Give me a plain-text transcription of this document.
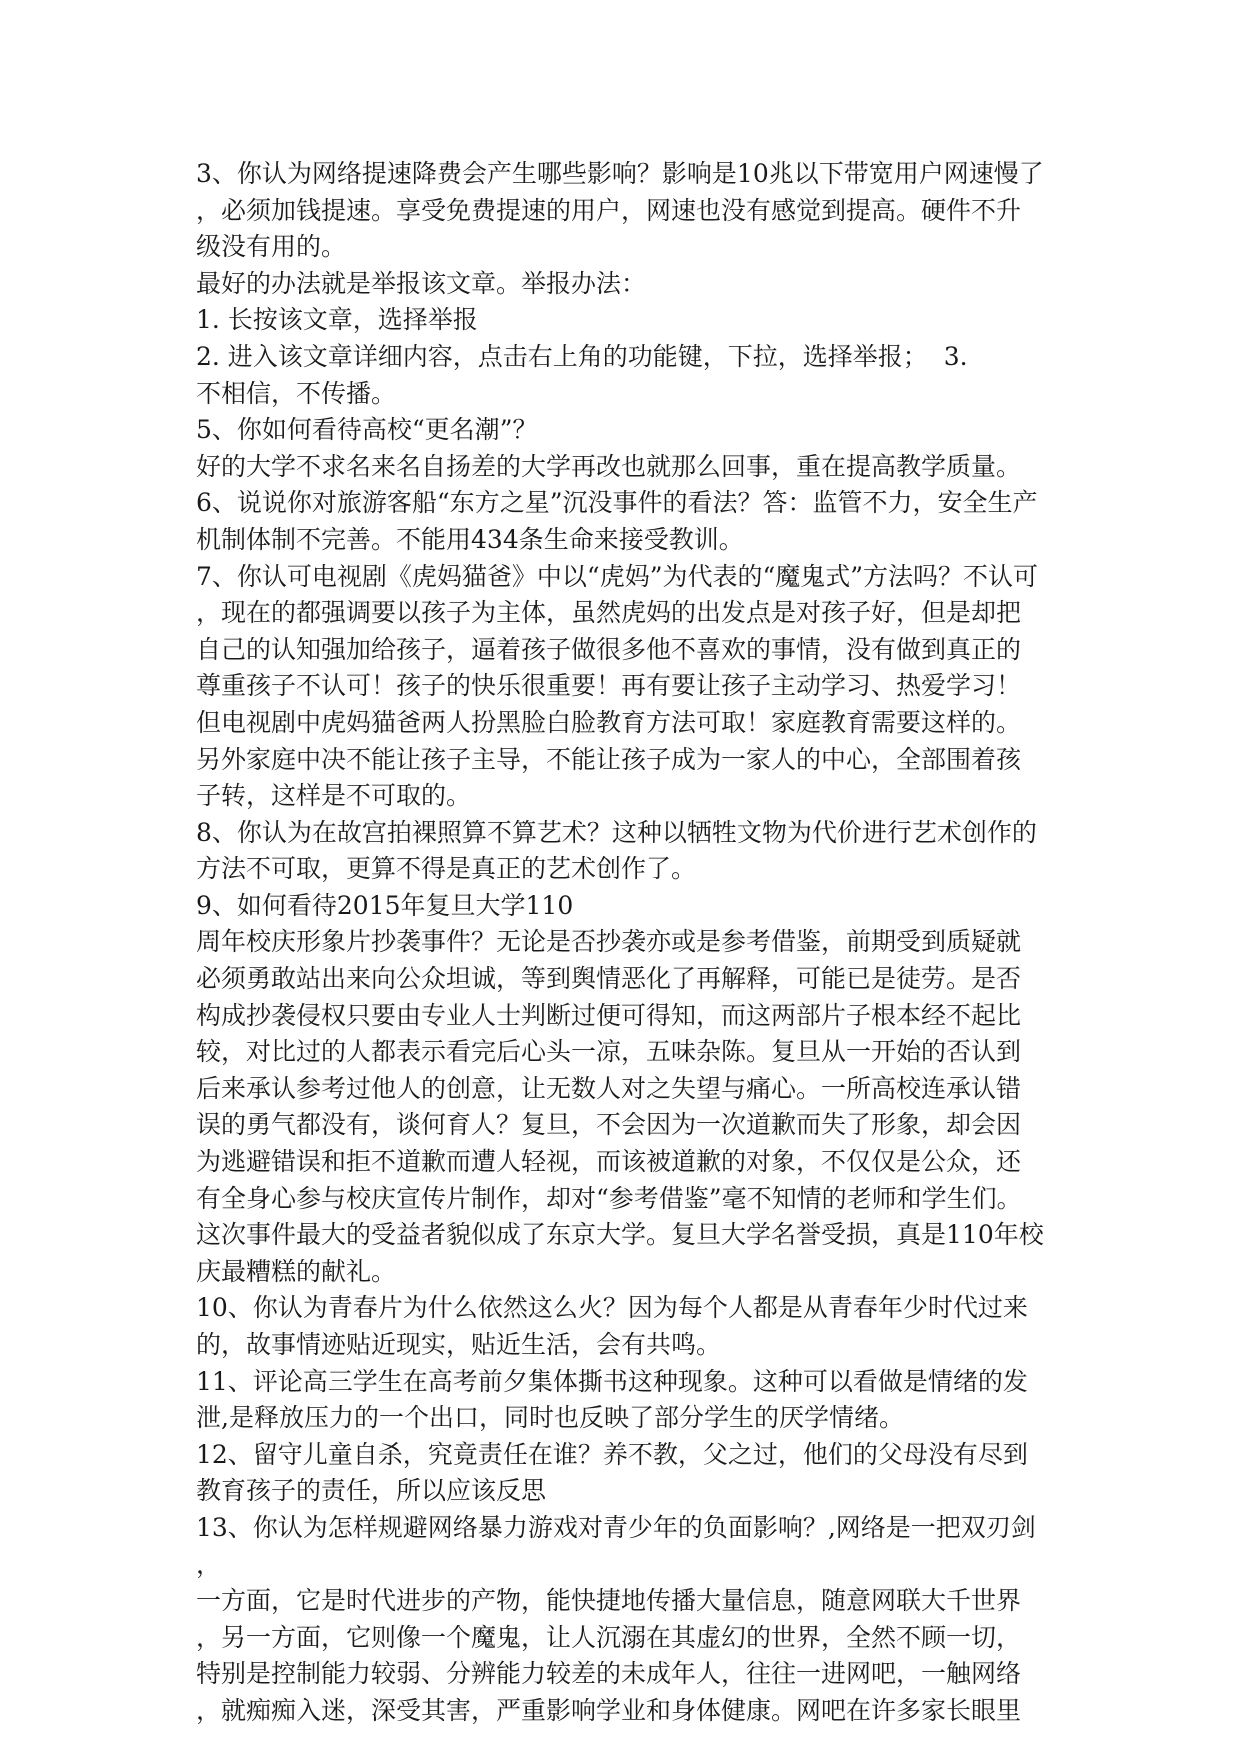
3、你认为网络提速降费会产生哪些影响？影响是10兆以下带宽用户网速慢了
，必须加钱提速。享受免费提速的用户，网速也没有感觉到提高。硬件不升
级没有用的。
最好的办法就是举报该文章。举报办法：
1. 长按该文章，选择举报
2. 进入该文章详细内容，点击右上角的功能键，下拉，选择举报；  3.
不相信，不传播。
5、你如何看待高校“更名潮”？
好的大学不求名来名自扬差的大学再改也就那么回事，重在提高教学质量。
6、说说你对旅游客船“东方之星”沉没事件的看法？答：监管不力，安全生产
机制体制不完善。不能用434条生命来接受教训。
7、你认可电视剧《虎妈猫爸》中以“虎妈”为代表的“魔鬼式”方法吗？不认可
，现在的都强调要以孩子为主体，虽然虎妈的出发点是对孩子好，但是却把
自己的认知强加给孩子，逼着孩子做很多他不喜欢的事情，没有做到真正的
尊重孩子不认可！孩子的快乐很重要！再有要让孩子主动学习、热爱学习！
但电视剧中虎妈猫爸两人扮黑脸白脸教育方法可取！家庭教育需要这样的。
另外家庭中决不能让孩子主导，不能让孩子成为一家人的中心，全部围着孩
子转，这样是不可取的。
8、你认为在故宫拍裸照算不算艺术？这种以牺牲文物为代价进行艺术创作的
方法不可取，更算不得是真正的艺术创作了。
9、如何看待2015年复旦大学110
周年校庆形象片抄袭事件？无论是否抄袭亦或是参考借鉴，前期受到质疑就
必须勇敢站出来向公众坦诚，等到舆情恶化了再解释，可能已是徒劳。是否
构成抄袭侵权只要由专业人士判断过便可得知，而这两部片子根本经不起比
较，对比过的人都表示看完后心头一凉，五味杂陈。复旦从一开始的否认到
后来承认参考过他人的创意，让无数人对之失望与痛心。一所高校连承认错
误的勇气都没有，谈何育人？复旦，不会因为一次道歉而失了形象，却会因
为逃避错误和拒不道歉而遭人轻视，而该被道歉的对象，不仅仅是公众，还
有全身心参与校庆宣传片制作，却对“参考借鉴”毫不知情的老师和学生们。
这次事件最大的受益者貌似成了东京大学。复旦大学名誉受损，真是110年校
庆最糟糕的献礼。
10、你认为青春片为什么依然这么火？因为每个人都是从青春年少时代过来
的，故事情迹贴近现实，贴近生活，会有共鸣。
11、评论高三学生在高考前夕集体撕书这种现象。这种可以看做是情绪的发
泄,是释放压力的一个出口，同时也反映了部分学生的厌学情绪。
12、留守儿童自杀，究竟责任在谁？养不教，父之过，他们的父母没有尽到
教育孩子的责任，所以应该反思
13、你认为怎样规避网络暴力游戏对青少年的负面影响？,网络是一把双刃剑
，
一方面，它是时代进步的产物，能快捷地传播大量信息，随意网联大千世界
，另一方面，它则像一个魔鬼，让人沉溺在其虚幻的世界，全然不顾一切，
特别是控制能力较弱、分辨能力较差的未成年人，往往一进网吧，一触网络
，就痴痴入迷，深受其害，严重影响学业和身体健康。网吧在许多家长眼里
